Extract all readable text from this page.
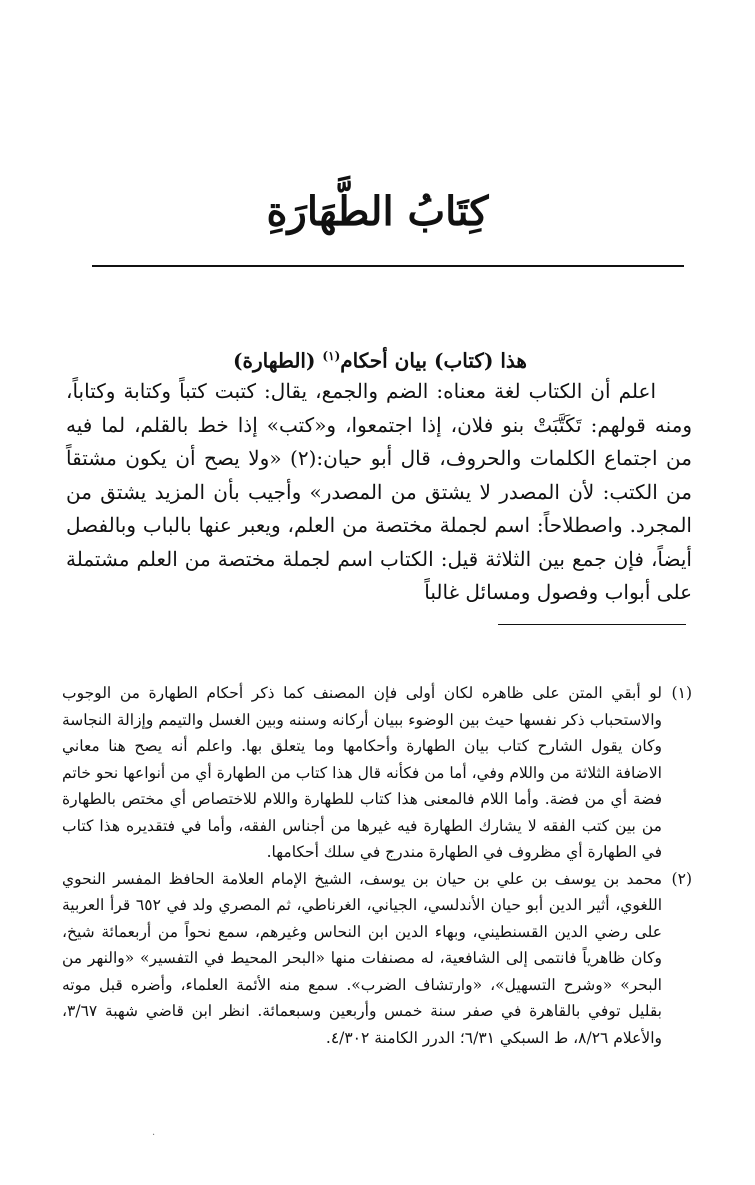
كِتَابُ الطَّهَارَةِ
هذا (كتاب) بيان أحكام$^{(١)}$ (الطهارة)

اعلم أن الكتاب لغة معناه: الضم والجمع، يقال: كتبت كتباً وكتابة وكتاباً، ومنه قولهم: تَكَتَّبَتْ بنو فلان، إذا اجتمعوا، و«كتب» إذا خط بالقلم، لما فيه من اجتماع الكلمات والحروف، قال أبو حيان:(٢) «ولا يصح أن يكون مشتقاً من الكتب: لأن المصدر لا يشتق من المصدر» وأجيب بأن المزيد يشتق من المجرد. واصطلاحاً: اسم لجملة مختصة من العلم، ويعبر عنها بالباب وبالفصل أيضاً، فإن جمع بين الثلاثة قيل: الكتاب اسم لجملة مختصة من العلم مشتملة على أبواب وفصول ومسائل غالباً

(١)
لو أبقي المتن على ظاهره لكان أولى فإن المصنف كما ذكر أحكام الطهارة من الوجوب والاستحباب ذكر نفسها حيث بين الوضوء ببيان أركانه وسننه وبين الغسل والتيمم وإزالة النجاسة وكان يقول الشارح كتاب بيان الطهارة وأحكامها وما يتعلق بها. واعلم أنه يصح هنا معاني الاضافة الثلاثة من واللام وفي، أما من فكأنه قال هذا كتاب من الطهارة أي من أنواعها نحو خاتم فضة أي من فضة. وأما اللام فالمعنى هذا كتاب للطهارة واللام للاختصاص أي مختص بالطهارة من بين كتب الفقه لا يشارك الطهارة فيه غيرها من أجناس الفقه، وأما في فتقديره هذا كتاب في الطهارة أي مظروف في الطهارة مندرج في سلك أحكامها.
(٢)
محمد بن يوسف بن علي بن حيان بن يوسف، الشيخ الإمام العلامة الحافظ المفسر النحوي اللغوي، أثير الدين أبو حيان الأندلسي، الجياني، الغرناطي، ثم المصري ولد في ٦٥٢ قرأ العربية على رضي الدين القسنطيني، وبهاء الدين ابن النحاس وغيرهم، سمع نحواً من أربعمائة شيخ، وكان ظاهرياً فانتمى إلى الشافعية، له مصنفات منها «البحر المحيط في التفسير» «والنهر من البحر» «وشرح التسهيل»، «وارتشاف الضرب». سمع منه الأئمة العلماء، وأضره قبل موته بقليل توفي بالقاهرة في صفر سنة خمس وأربعين وسبعمائة. انظر ابن قاضي شهبة ٣/٦٧، والأعلام ٨/٢٦، ط السبكي ٦/٣١؛ الدرر الكامنة ٤/٣٠٢.
·
